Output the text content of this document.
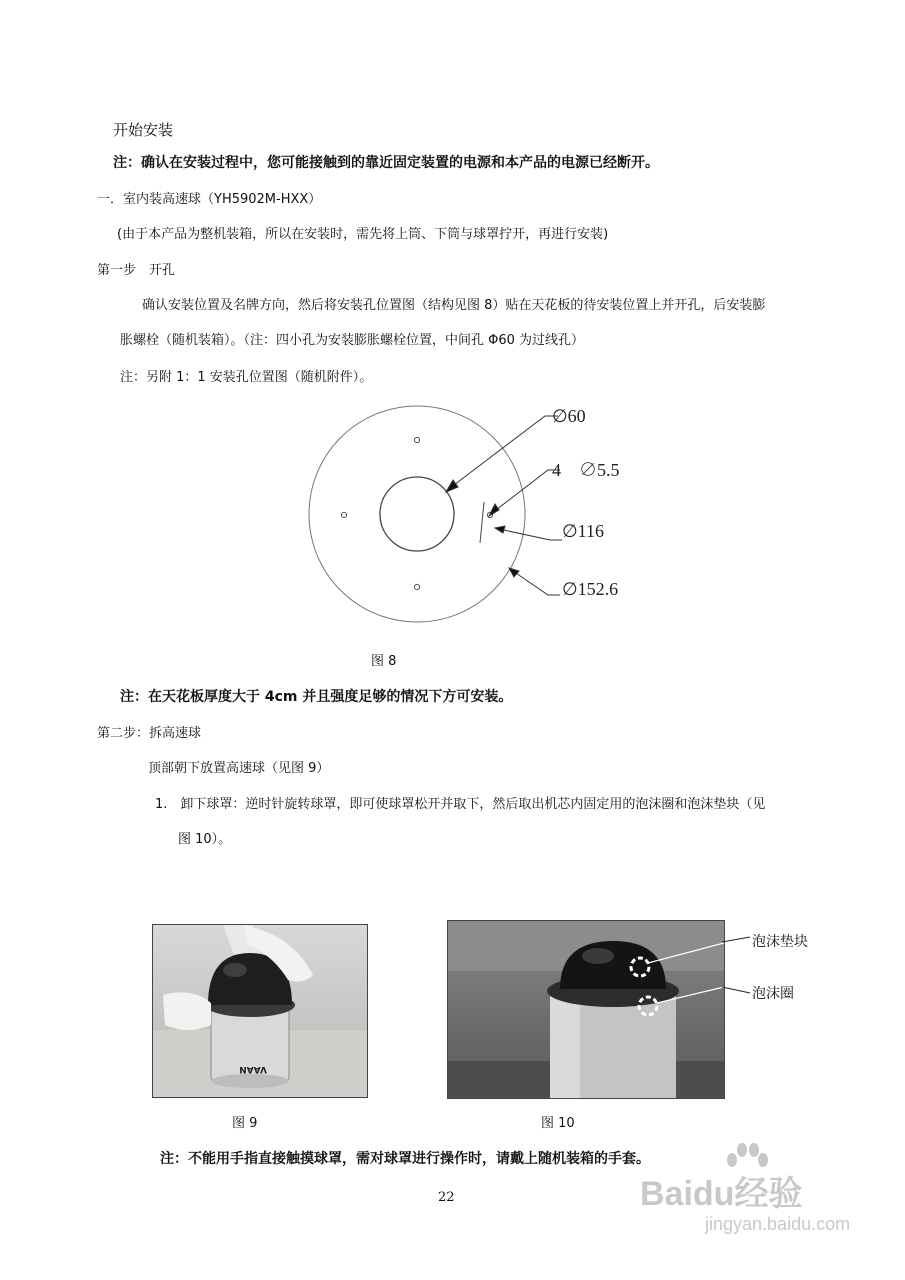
开始安装
注：确认在安装过程中，您可能接触到的靠近固定装置的电源和本产品的电源已经断开。
一．室内装高速球（YH5902M-HXX）
(由于本产品为整机装箱，所以在安装时，需先将上筒、下筒与球罩拧开，再进行安装)
第一步　开孔
确认安装位置及名牌方向，然后将安装孔位置图（结构见图 8）贴在天花板的待安装位置上并开孔，后安装膨
胀螺栓（随机装箱）。（注：四小孔为安装膨胀螺栓位置，中间孔 Φ60 为过线孔）
注：另附 1：1 安装孔位置图（随机附件）。
∅60
4　∅5.5
∅116
∅152.6
图 8
注：在天花板厚度大于 4cm 并且强度足够的情况下方可安装。
第二步：拆高速球
顶部朝下放置高速球（见图 9）
1.　卸下球罩：逆时针旋转球罩，即可使球罩松开并取下，然后取出机芯内固定用的泡沫圈和泡沫垫块（见
图 10）。
VAAN
泡沫垫块
泡沫圈
图 9	图 10
注：不能用手指直接触摸球罩，需对球罩进行操作时，请戴上随机装箱的手套。
22	Baidu经验
jingyan.baidu.com
